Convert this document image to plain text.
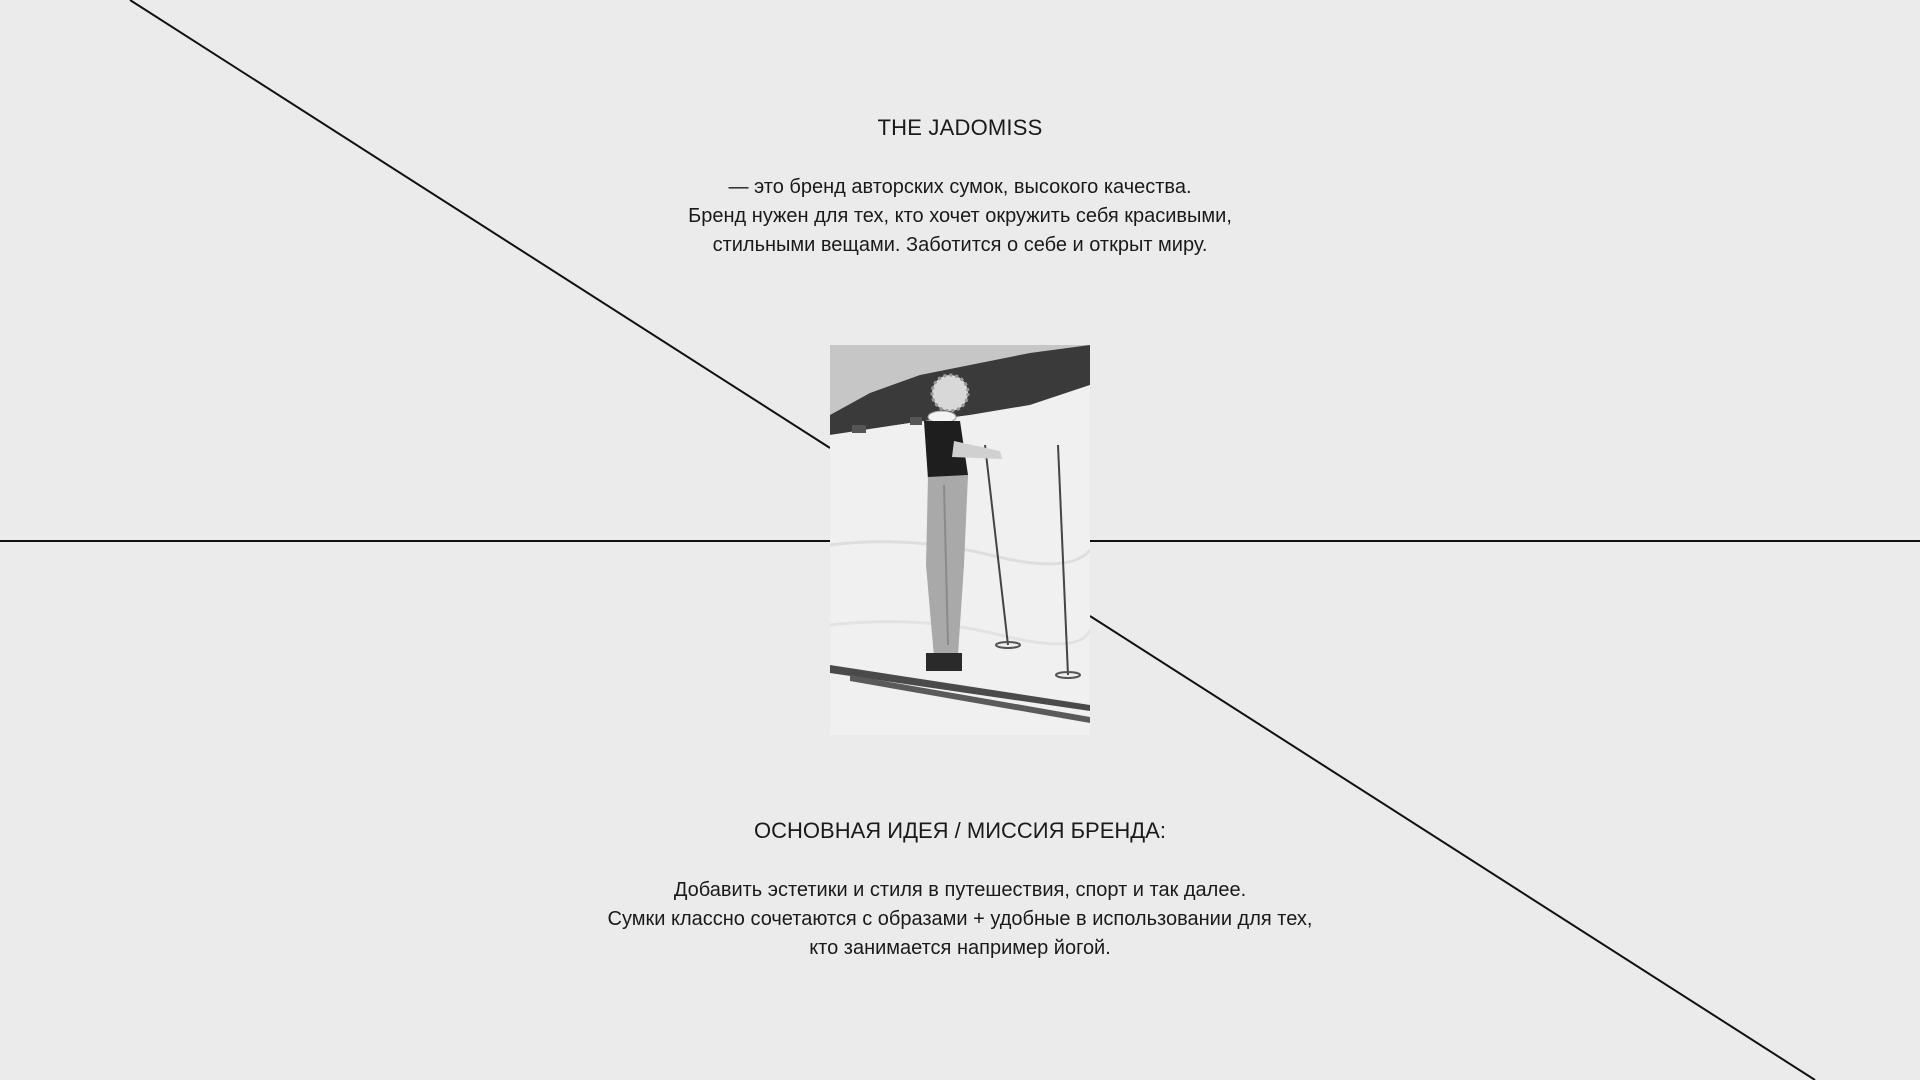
THE JADOMISS
— это бренд авторских сумок, высокого качества.
Бренд нужен для тех, кто хочет окружить себя красивыми,
стильными вещами. Заботится о себе и открыт миру.
ОСНОВНАЯ ИДЕЯ / МИССИЯ БРЕНДА:
Добавить эстетики и стиля в путешествия, спорт и так далее.
Сумки классно сочетаются с образами + удобные в использовании для тех,
кто занимается например йогой.
